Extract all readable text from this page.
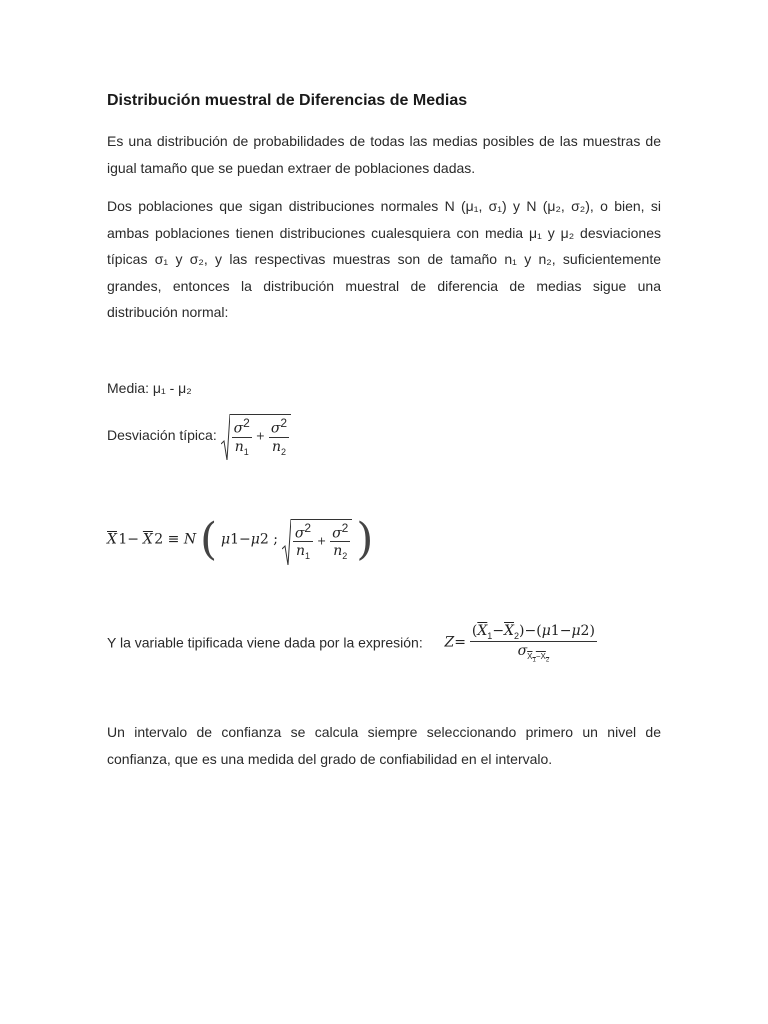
Distribución muestral de Diferencias de Medias

Es una distribución de probabilidades de todas las medias posibles de las muestras de igual tamaño que se puedan extraer de poblaciones dadas.

Dos poblaciones que sigan distribuciones normales N (μ₁, σ₁) y N (μ₂, σ₂), o bien, si ambas poblaciones tienen distribuciones cualesquiera con media μ₁ y μ₂ desviaciones típicas σ₁ y σ₂, y las respectivas muestras son de tamaño n₁ y n₂, suficientemente grandes, entonces la distribución muestral de diferencia de medias sigue una distribución normal:

Media: μ₁ - μ₂
Desviación típica: $\frac{\sigma^2}{n_1} + \frac{\sigma^2}{n_2}$
$\overline{X}$ $1- \overline{X}$ 2 ≡ N ( μ1−μ2 ; $\frac{\sigma^2}{n_1} + \frac{\sigma^2}{n_2}$ )
Y la variable tipificada viene dada por la expresión: $Z= \frac{(\overline{X}_1-\overline{X}_2)-(\mu 1-\mu 2)}{\sigma_{X_1-X_2}}$

Un intervalo de confianza se calcula siempre seleccionando primero un nivel de confianza, que es una medida del grado de confiabilidad en el intervalo.
